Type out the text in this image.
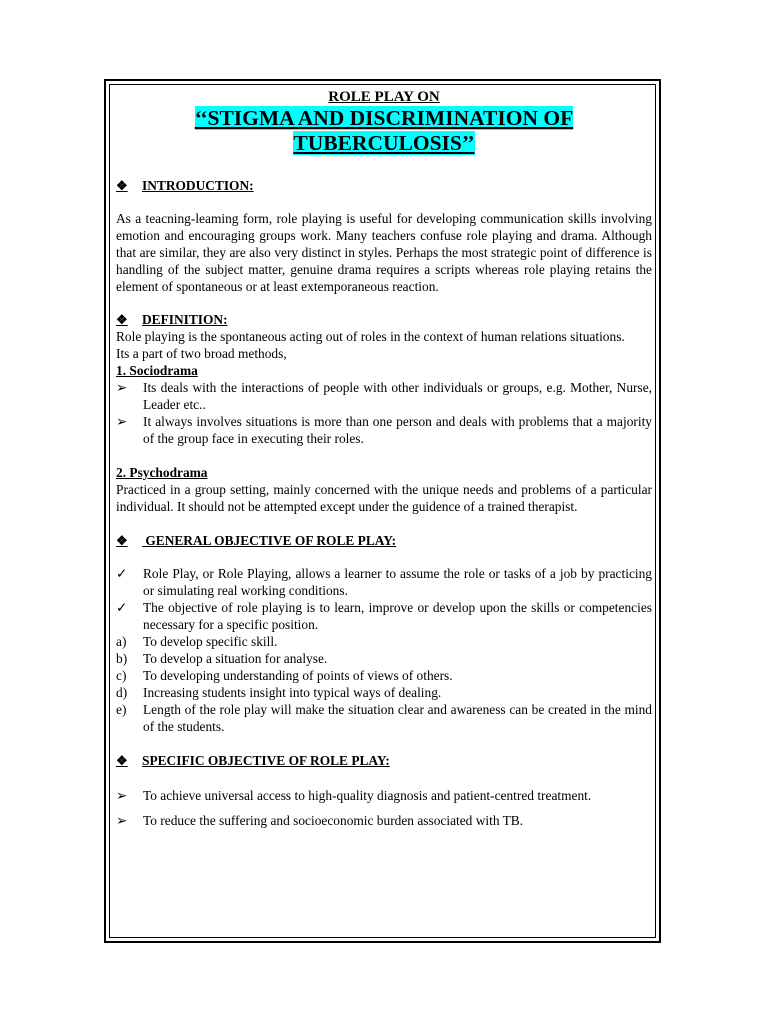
ROLE PLAY ON
‘‘STIGMA AND DISCRIMINATION OF
TUBERCULOSIS’’
❖	INTRODUCTION:
As a teacning-leaming form, role playing is useful for developing communication skills involving emotion and encouraging groups work. Many teachers confuse role playing and drama. Although that are similar, they are also very distinct in styles. Perhaps the most strategic point of difference is handling of the subject matter, genuine drama requires a scripts whereas role playing retains the element of spontaneous or at least extemporaneous reaction.
❖	DEFINITION:
Role playing is the spontaneous acting out of roles in the context of human relations situations.
Its a part of two broad methods,
1. Sociodrama
➢	Its deals with the interactions of people with other individuals or groups, e.g. Mother, Nurse, Leader etc..
➢	It always involves situations is more than one person and deals with problems that a majority of the group face in executing their roles.
2. Psychodrama
Practiced in a group setting, mainly concerned with the unique needs and problems of a particular individual. It should not be attempted except under the guidence of a trained therapist.
❖	GENERAL OBJECTIVE OF ROLE PLAY:
✓	Role Play, or Role Playing, allows a learner to assume the role or tasks of a job by practicing or simulating real working conditions.
✓	The objective of role playing is to learn, improve or develop upon the skills or competencies necessary for a specific position.
a)	To develop specific skill.
b)	To develop a situation for analyse.
c)	To developing understanding of points of views of others.
d)	Increasing students insight into typical ways of dealing.
e)	Length of the role play will make the situation clear and awareness can be created in the mind of the students.
❖	SPECIFIC OBJECTIVE OF ROLE PLAY:
➢	To achieve universal access to high-quality diagnosis and patient-centred treatment.
➢	To reduce the suffering and socioeconomic burden associated with TB.
